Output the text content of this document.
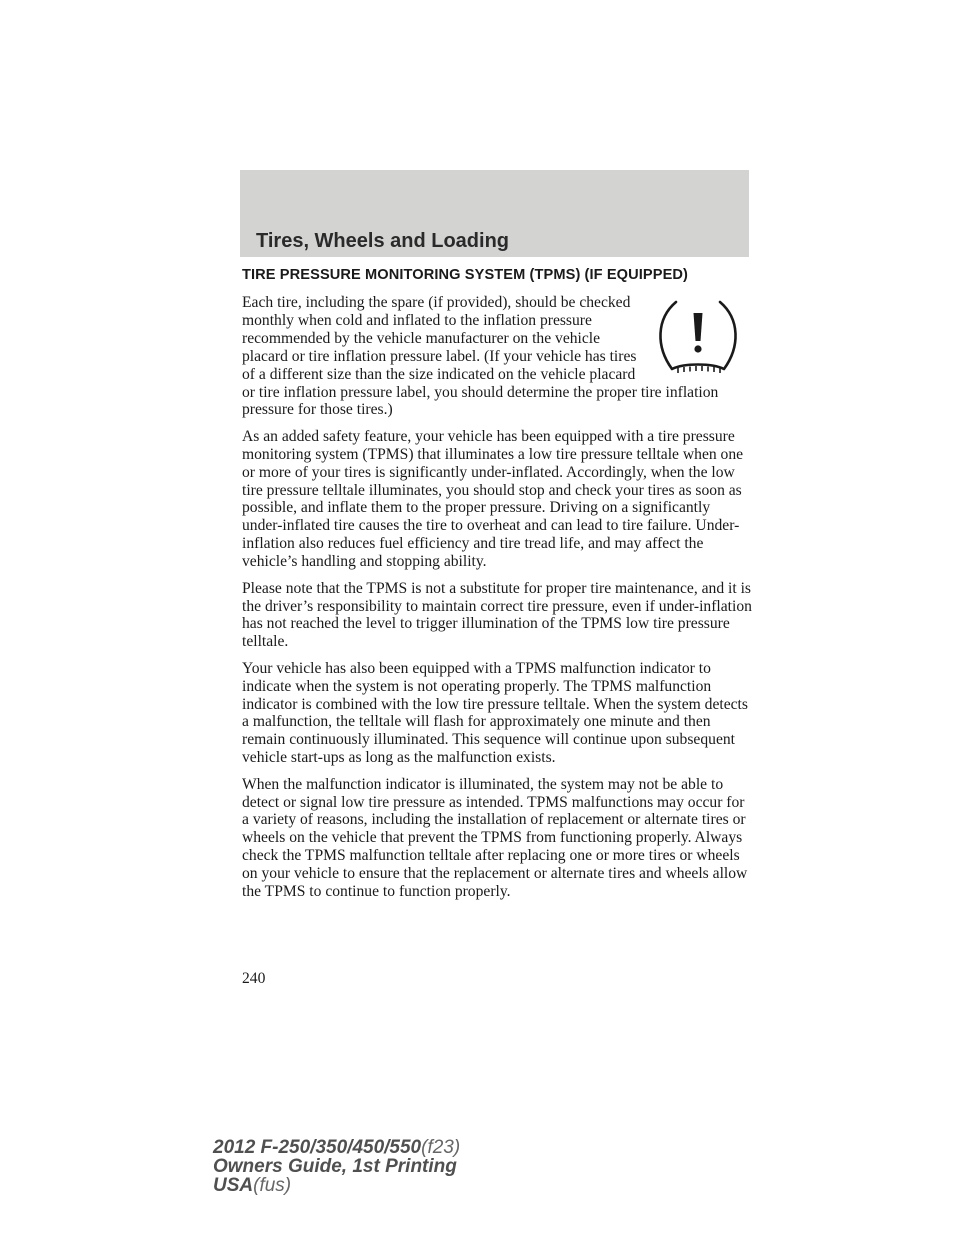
Tires, Wheels and Loading
TIRE PRESSURE MONITORING SYSTEM (TPMS) (IF EQUIPPED)

Each tire, including the spare (if provided), should be checked monthly when cold and inflated to the inflation pressure recommended by the vehicle manufacturer on the vehicle placard or tire inflation pressure label. (If your vehicle has tires of a different size than the size indicated on the vehicle placard or tire inflation pressure label, you should determine the proper tire inflation pressure for those tires.)

As an added safety feature, your vehicle has been equipped with a tire pressure monitoring system (TPMS) that illuminates a low tire pressure telltale when one or more of your tires is significantly under-inflated. Accordingly, when the low tire pressure telltale illuminates, you should stop and check your tires as soon as possible, and inflate them to the proper pressure. Driving on a significantly under-inflated tire causes the tire to overheat and can lead to tire failure. Under-inflation also reduces fuel efficiency and tire tread life, and may affect the vehicle’s handling and stopping ability.

Please note that the TPMS is not a substitute for proper tire maintenance, and it is the driver’s responsibility to maintain correct tire pressure, even if under-inflation has not reached the level to trigger illumination of the TPMS low tire pressure telltale.

Your vehicle has also been equipped with a TPMS malfunction indicator to indicate when the system is not operating properly. The TPMS malfunction indicator is combined with the low tire pressure telltale. When the system detects a malfunction, the telltale will flash for approximately one minute and then remain continuously illuminated. This sequence will continue upon subsequent vehicle start-ups as long as the malfunction exists.

When the malfunction indicator is illuminated, the system may not be able to detect or signal low tire pressure as intended. TPMS malfunctions may occur for a variety of reasons, including the installation of replacement or alternate tires or wheels on the vehicle that prevent the TPMS from functioning properly. Always check the TPMS malfunction telltale after replacing one or more tires or wheels on your vehicle to ensure that the replacement or alternate tires and wheels allow the TPMS to continue to function properly.

240

2012 F-250/350/450/550(f23)
Owners Guide, 1st Printing
USA(fus)
